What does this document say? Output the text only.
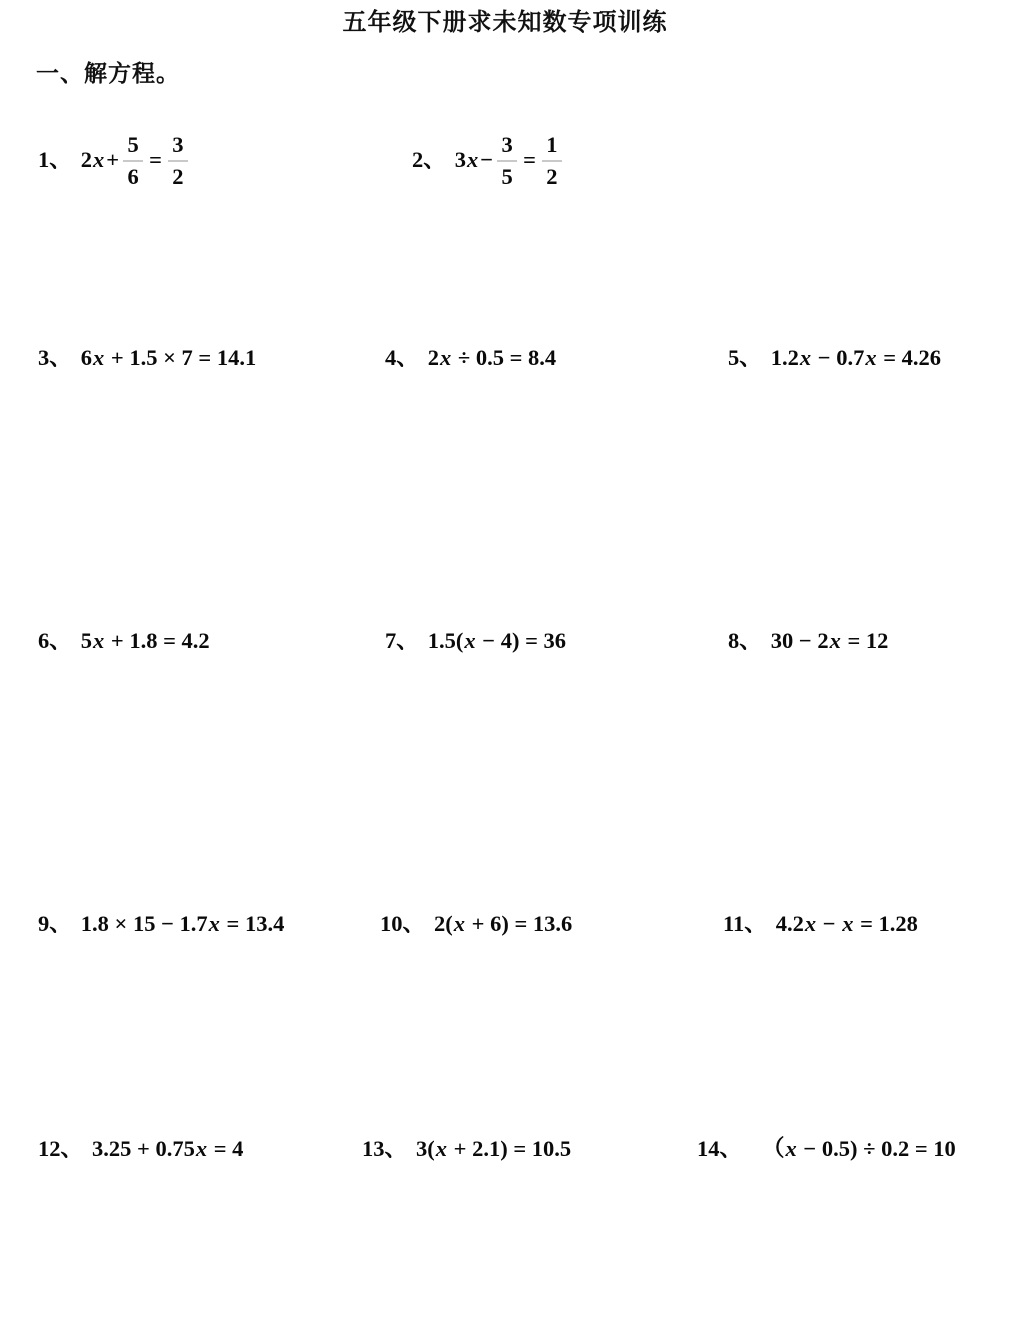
五年级下册求未知数专项训练
一、解方程。
1、 $2x+ \frac{5}{6} = \frac{3}{2}$	2、 $3x- \frac{3}{5} = \frac{1}{2}$
3、 6x + 1.5 × 7 = 14.1	4、 2x ÷ 0.5 = 8.4	5、 1.2x − 0.7x = 4.26
6、 5x + 1.8 = 4.2	7、 1.5(x − 4) = 36	8、 30 − 2x = 12
9、 1.8 × 15 − 1.7x = 13.4	10、 2(x + 6) = 13.6	11、 4.2x − x = 1.28
12、 3.25 + 0.75x = 4	13、 3(x + 2.1) = 10.5	14、 （x − 0.5) ÷ 0.2 = 10
